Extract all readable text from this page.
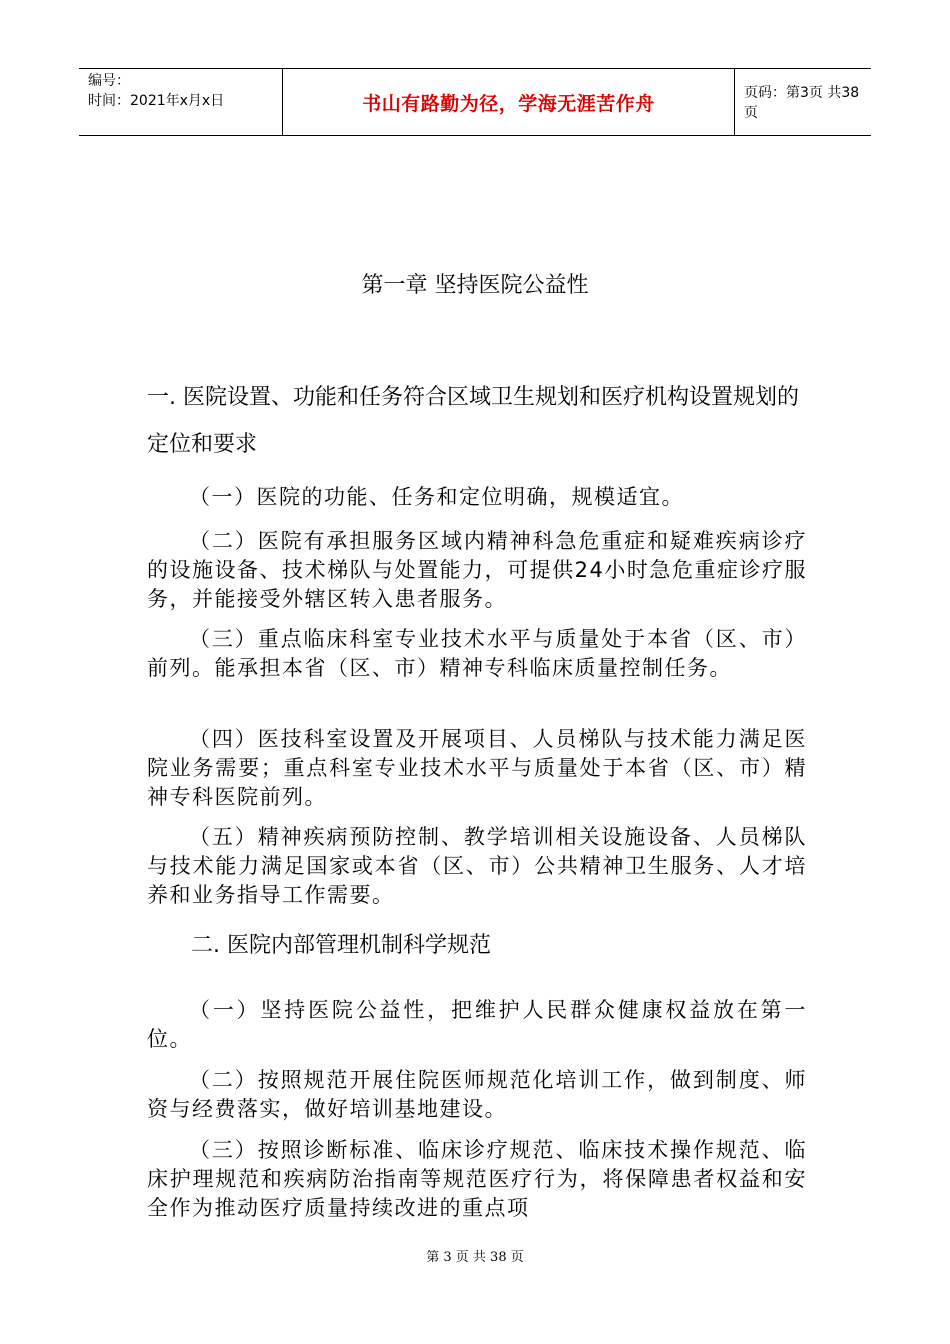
编号：
时间：2021年x月x日	书山有路勤为径，学海无涯苦作舟	页码：第3页 共38页
第一章 坚持医院公益性
一. 医院设置、功能和任务符合区域卫生规划和医疗机构设置规划的定位和要求
（一）医院的功能、任务和定位明确，规模适宜。
（二）医院有承担服务区域内精神科急危重症和疑难疾病诊疗的设施设备、技术梯队与处置能力，可提供24小时急危重症诊疗服务，并能接受外辖区转入患者服务。
（三）重点临床科室专业技术水平与质量处于本省（区、市）前列。能承担本省（区、市）精神专科临床质量控制任务。
（四）医技科室设置及开展项目、人员梯队与技术能力满足医院业务需要；重点科室专业技术水平与质量处于本省（区、市）精神专科医院前列。
（五）精神疾病预防控制、教学培训相关设施设备、人员梯队与技术能力满足国家或本省（区、市）公共精神卫生服务、人才培养和业务指导工作需要。
二. 医院内部管理机制科学规范
（一）坚持医院公益性，把维护人民群众健康权益放在第一位。
（二）按照规范开展住院医师规范化培训工作，做到制度、师资与经费落实，做好培训基地建设。
（三）按照诊断标准、临床诊疗规范、临床技术操作规范、临床护理规范和疾病防治指南等规范医疗行为，将保障患者权益和安全作为推动医疗质量持续改进的重点项
第 3 页 共 38 页
